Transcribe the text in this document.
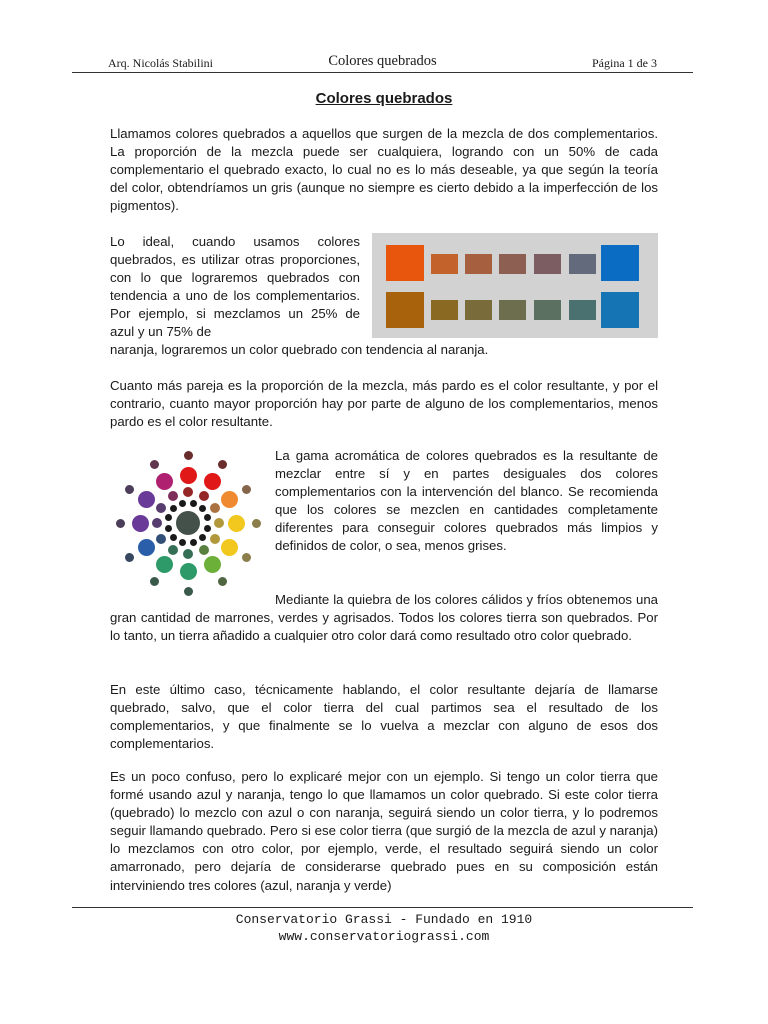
Arq. Nicolás Stabilini	Colores quebrados	Página 1 de 3
Colores quebrados

Llamamos colores quebrados a aquellos que surgen de la mezcla de dos complementarios. La proporción de la mezcla puede ser cualquiera, logrando con un 50% de cada complementario el quebrado exacto, lo cual no es lo más deseable, ya que según la teoría del color, obtendríamos un gris (aunque no siempre es cierto debido a la imperfección de los pigmentos).

Lo ideal, cuando usamos colores quebrados, es utilizar otras proporciones, con lo que lograremos quebrados con tendencia a uno de los complementarios. Por ejemplo, si mezclamos un 25% de azul y un 75% de

naranja, lograremos un color quebrado con tendencia al naranja.

Cuanto más pareja es la proporción de la mezcla, más pardo es el color resultante, y por el contrario, cuanto mayor proporción hay por parte de alguno de los complementarios, menos pardo es el color resultante.

La gama acromática de colores quebrados es la resultante de mezclar entre sí y en partes desiguales dos colores complementarios con la intervención del blanco. Se recomienda que los colores se mezclen en cantidades completamente diferentes para conseguir colores quebrados más limpios y definidos de color, o sea, menos grises.

Mediante la quiebra de los colores cálidos y fríos obtenemos una gran cantidad de marrones, verdes y agrisados. Todos los colores tierra son quebrados. Por lo tanto, un tierra añadido a cualquier otro color dará como resultado otro color quebrado.

En este último caso, técnicamente hablando, el color resultante dejaría de llamarse quebrado, salvo, que el color tierra del cual partimos sea el resultado de los complementarios, y que finalmente se lo vuelva a mezclar con alguno de esos dos complementarios.

Es un poco confuso, pero lo explicaré mejor con un ejemplo. Si tengo un color tierra que formé usando azul y naranja, tengo lo que llamamos un color quebrado. Si este color tierra (quebrado) lo mezclo con azul o con naranja, seguirá siendo un color tierra, y lo podremos seguir llamando quebrado. Pero si ese color tierra (que surgió de la mezcla de azul y naranja) lo mezclamos con otro color, por ejemplo, verde, el resultado seguirá siendo un color amarronado, pero dejaría de considerarse quebrado pues en su composición están interviniendo tres colores (azul, naranja y verde)

Conservatorio Grassi - Fundado en 1910
www.conservatoriograssi.com
